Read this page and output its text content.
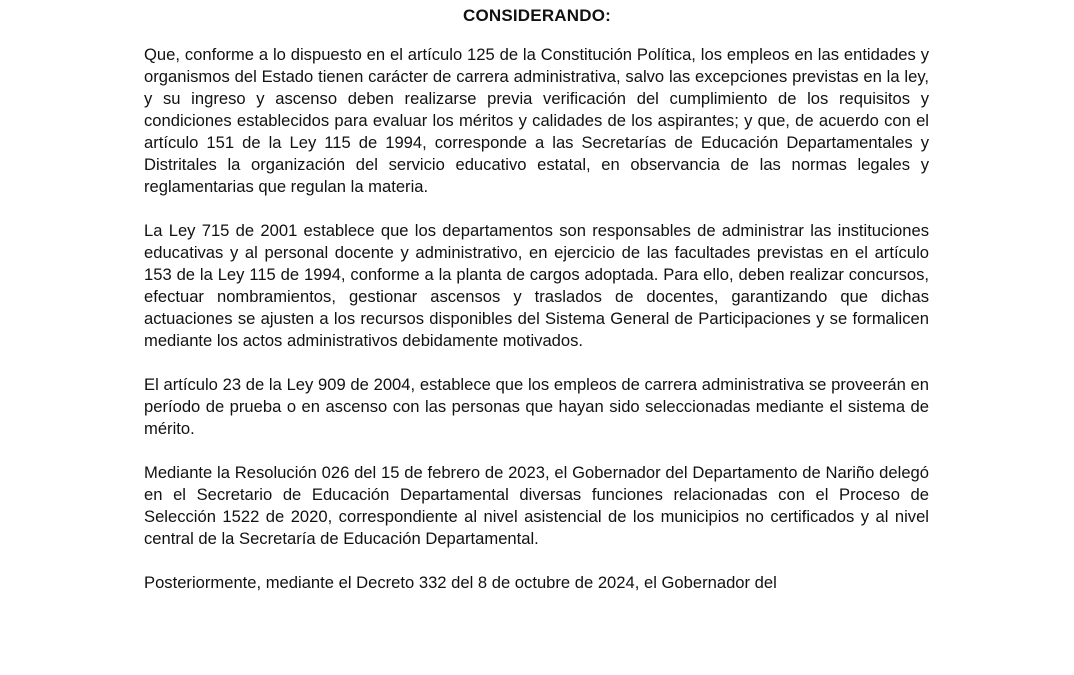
CONSIDERANDO:

Que, conforme a lo dispuesto en el artículo 125 de la Constitución Política, los empleos en las entidades y organismos del Estado tienen carácter de carrera administrativa, salvo las excepciones previstas en la ley, y su ingreso y ascenso deben realizarse previa verificación del cumplimiento de los requisitos y condiciones establecidos para evaluar los méritos y calidades de los aspirantes; y que, de acuerdo con el artículo 151 de la Ley 115 de 1994, corresponde a las Secretarías de Educación Departamentales y Distritales la organización del servicio educativo estatal, en observancia de las normas legales y reglamentarias que regulan la materia.

La Ley 715 de 2001 establece que los departamentos son responsables de administrar las instituciones educativas y al personal docente y administrativo, en ejercicio de las facultades previstas en el artículo 153 de la Ley 115 de 1994, conforme a la planta de cargos adoptada. Para ello, deben realizar concursos, efectuar nombramientos, gestionar ascensos y traslados de docentes, garantizando que dichas actuaciones se ajusten a los recursos disponibles del Sistema General de Participaciones y se formalicen mediante los actos administrativos debidamente motivados.

El artículo 23 de la Ley 909 de 2004, establece que los empleos de carrera administrativa se proveerán en período de prueba o en ascenso con las personas que hayan sido seleccionadas mediante el sistema de mérito.

Mediante la Resolución 026 del 15 de febrero de 2023, el Gobernador del Departamento de Nariño delegó en el Secretario de Educación Departamental diversas funciones relacionadas con el Proceso de Selección 1522 de 2020, correspondiente al nivel asistencial de los municipios no certificados y al nivel central de la Secretaría de Educación Departamental.

Posteriormente, mediante el Decreto 332 del 8 de octubre de 2024, el Gobernador del
